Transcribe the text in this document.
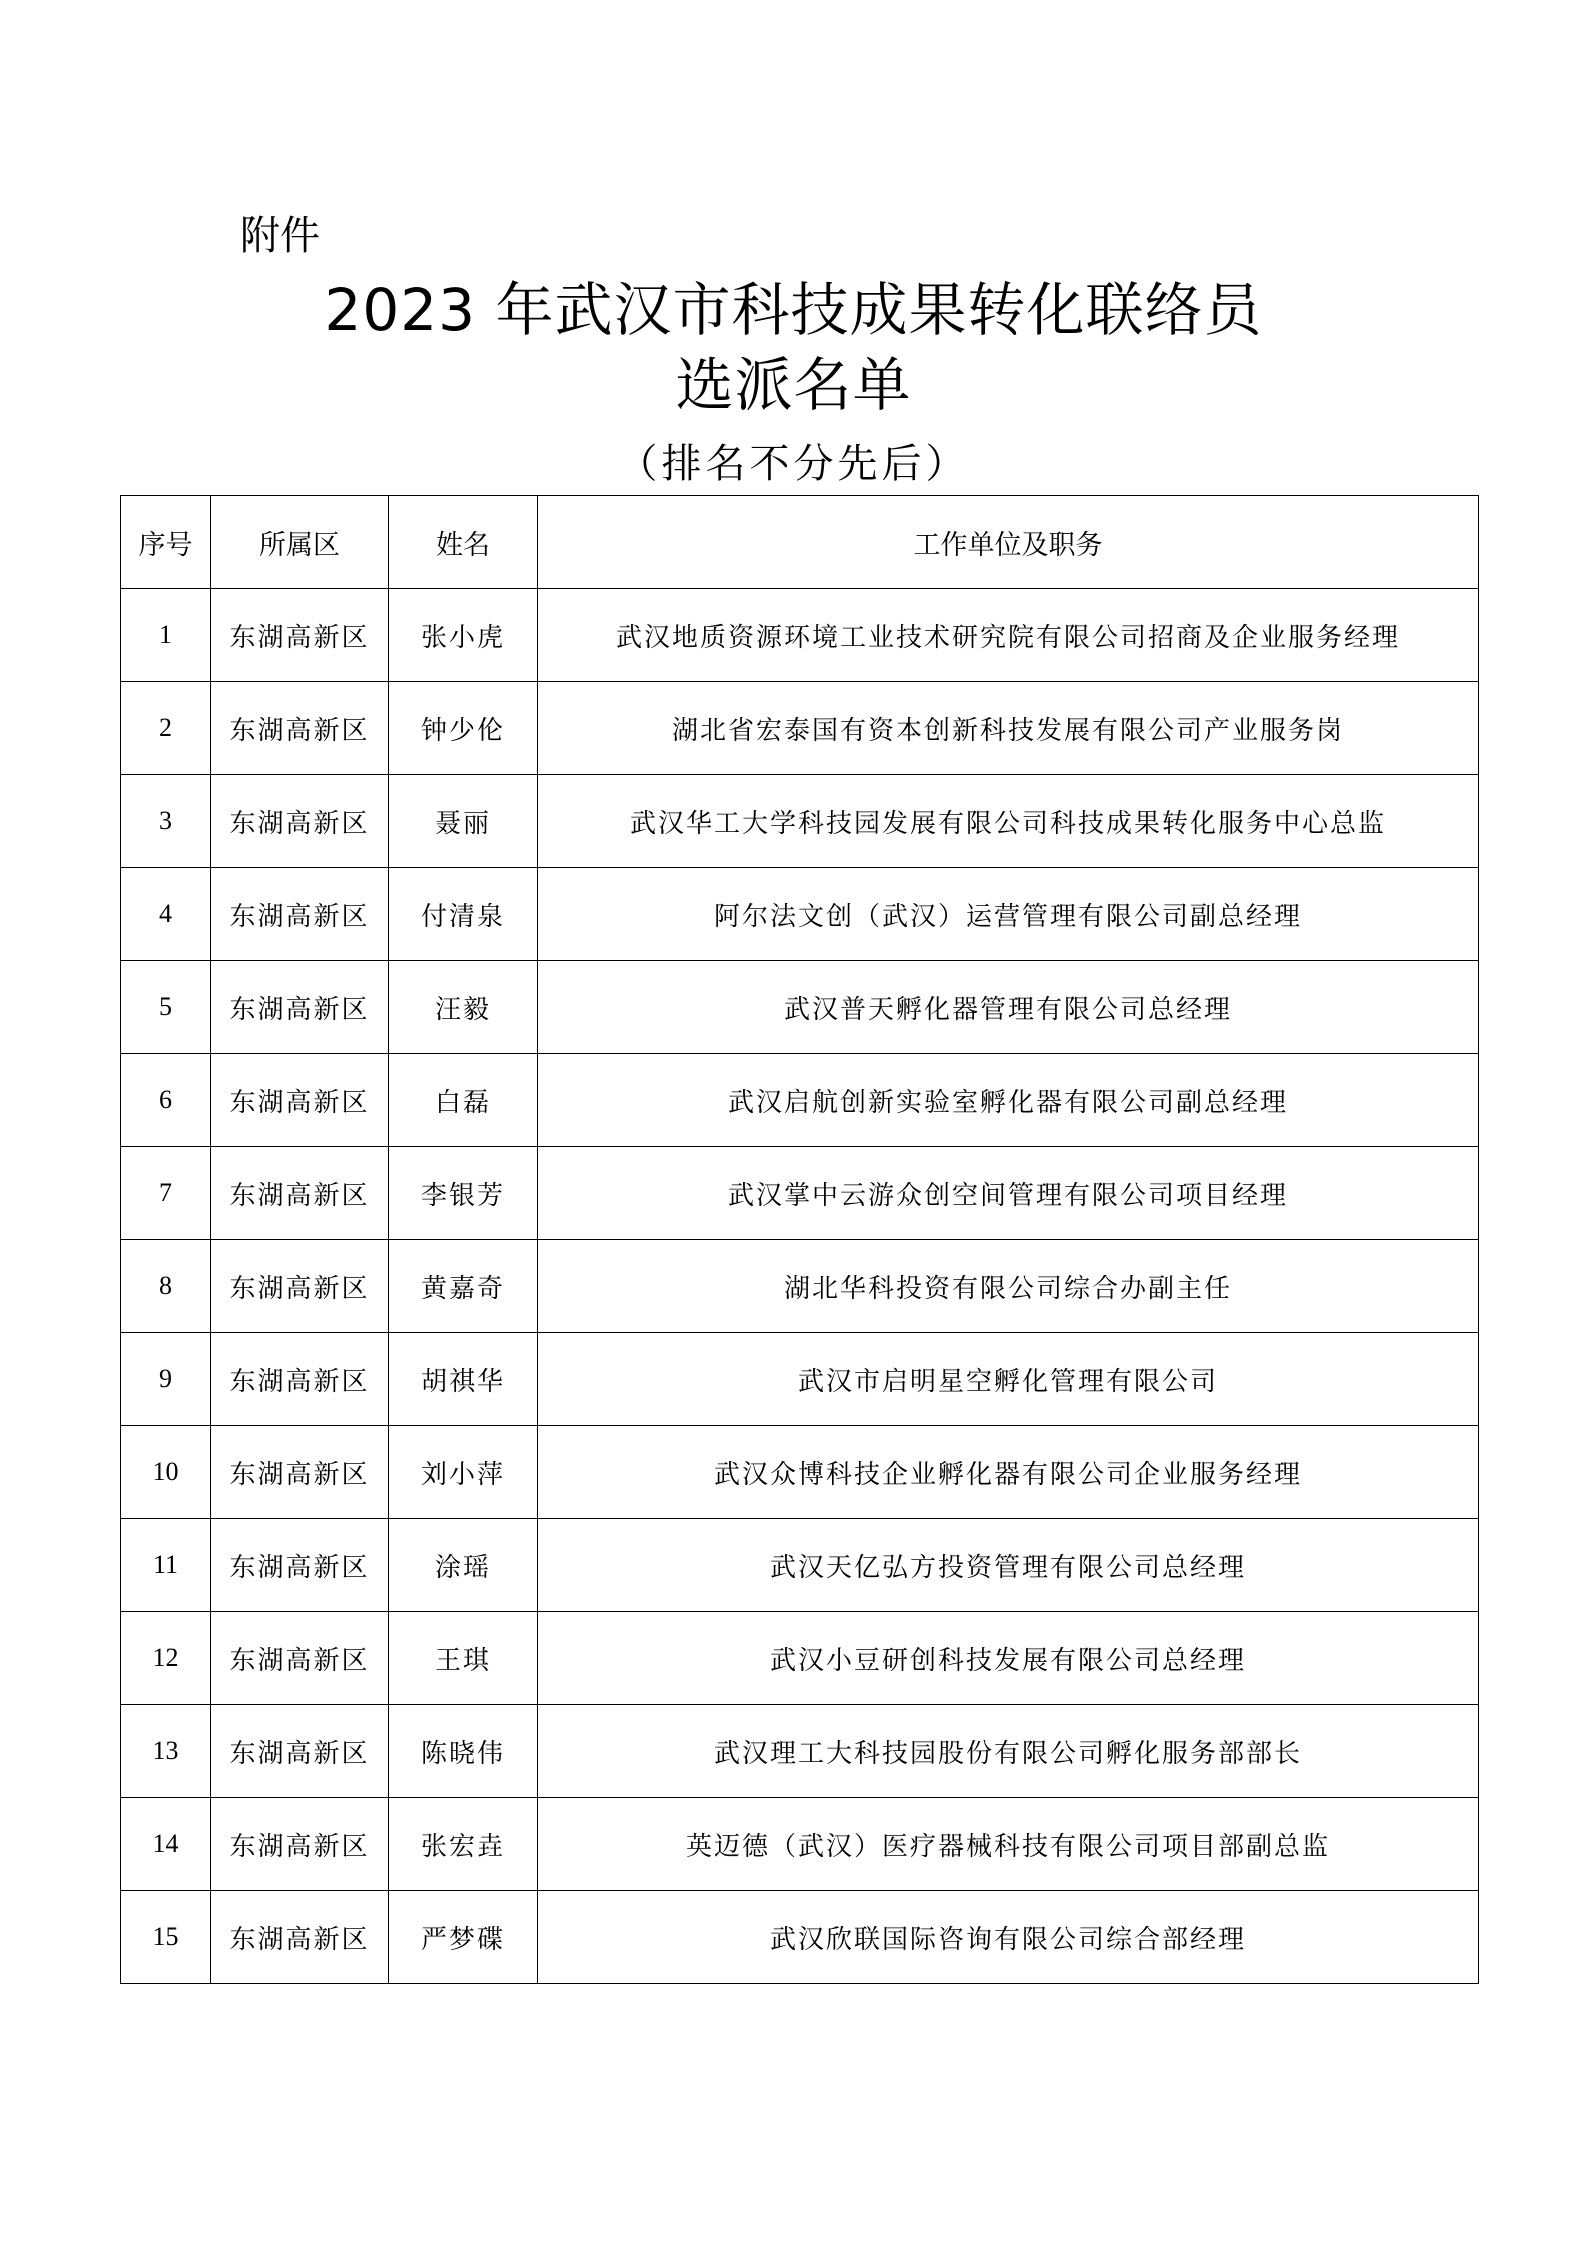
附件
2023 年武汉市科技成果转化联络员
选派名单
（排名不分先后）
序号	所属区	姓名	工作单位及职务
1	东湖高新区	张小虎	武汉地质资源环境工业技术研究院有限公司招商及企业服务经理
2	东湖高新区	钟少伦	湖北省宏泰国有资本创新科技发展有限公司产业服务岗
3	东湖高新区	聂丽	武汉华工大学科技园发展有限公司科技成果转化服务中心总监
4	东湖高新区	付清泉	阿尔法文创（武汉）运营管理有限公司副总经理
5	东湖高新区	汪毅	武汉普天孵化器管理有限公司总经理
6	东湖高新区	白磊	武汉启航创新实验室孵化器有限公司副总经理
7	东湖高新区	李银芳	武汉掌中云游众创空间管理有限公司项目经理
8	东湖高新区	黄嘉奇	湖北华科投资有限公司综合办副主任
9	东湖高新区	胡祺华	武汉市启明星空孵化管理有限公司
10	东湖高新区	刘小萍	武汉众博科技企业孵化器有限公司企业服务经理
11	东湖高新区	涂瑶	武汉天亿弘方投资管理有限公司总经理
12	东湖高新区	王琪	武汉小豆研创科技发展有限公司总经理
13	东湖高新区	陈晓伟	武汉理工大科技园股份有限公司孵化服务部部长
14	东湖高新区	张宏垚	英迈德（武汉）医疗器械科技有限公司项目部副总监
15	东湖高新区	严梦碟	武汉欣联国际咨询有限公司综合部经理
